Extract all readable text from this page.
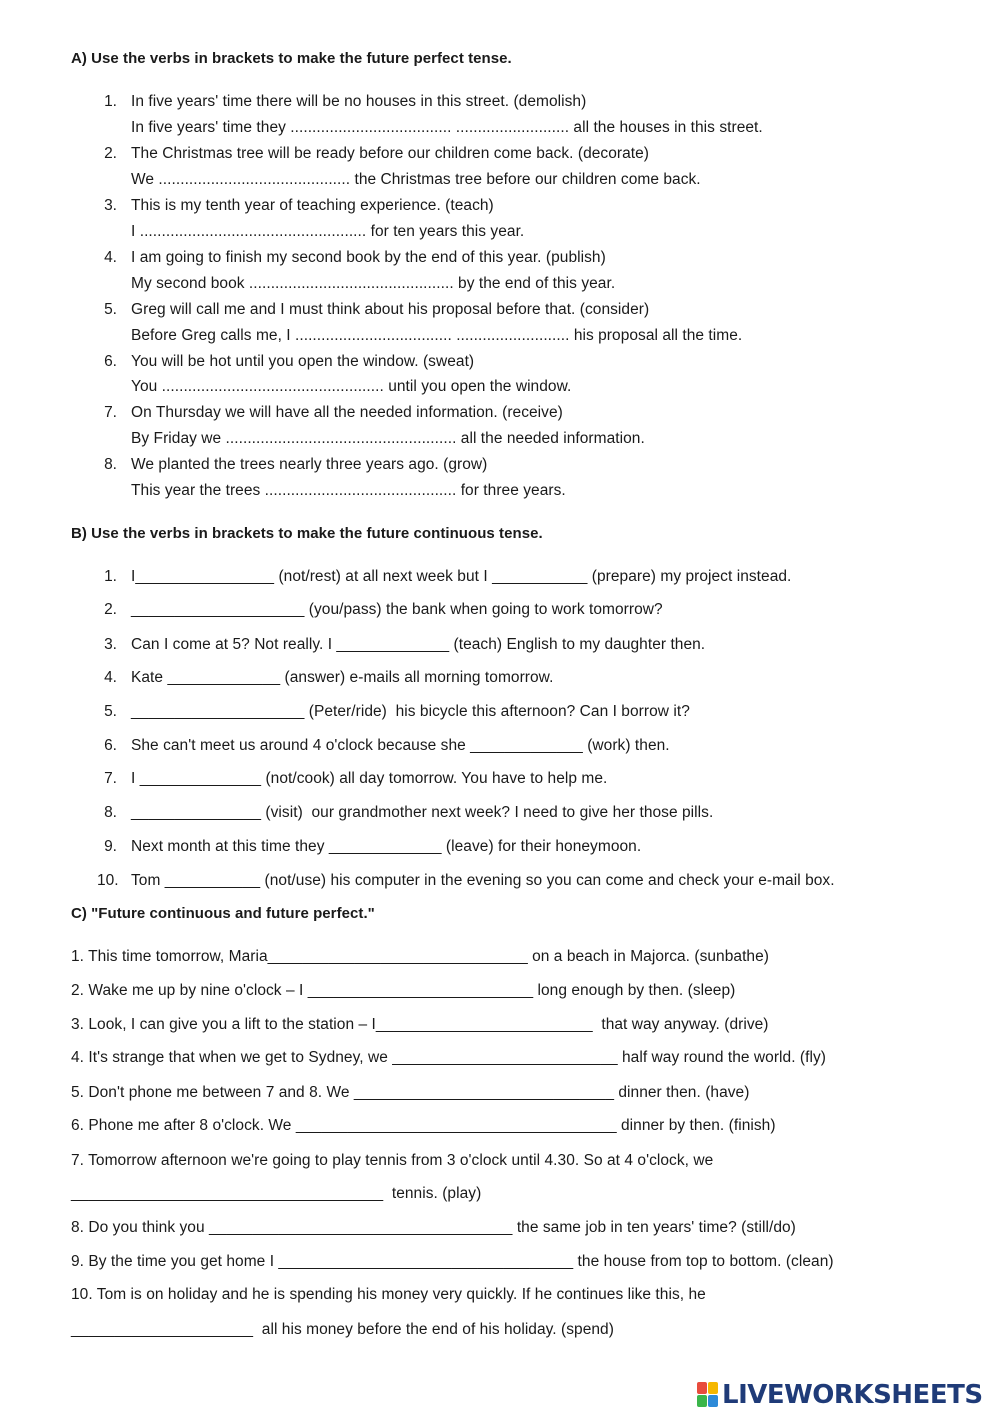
A) Use the verbs in brackets to make the future perfect tense.
1. In five years' time there will be no houses in this street. (demolish)
In five years' time they ..................................... .......................... all the houses in this street.
2. The Christmas tree will be ready before our children come back. (decorate)
We ............................................ the Christmas tree before our children come back.
3. This is my tenth year of teaching experience. (teach)
I .................................................... for ten years this year.
4. I am going to finish my second book by the end of this year. (publish)
My second book ............................................... by the end of this year.
5. Greg will call me and I must think about his proposal before that. (consider)
Before Greg calls me, I .................................... .......................... his proposal all the time.
6. You will be hot until you open the window. (sweat)
You ................................................... until you open the window.
7. On Thursday we will have all the needed information. (receive)
By Friday we ..................................................... all the needed information.
8. We planted the trees nearly three years ago. (grow)
This year the trees ............................................ for three years.
B) Use the verbs in brackets to make the future continuous tense.
1. I________________ (not/rest) at all next week but I ___________ (prepare) my project instead.
2. ____________________ (you/pass) the bank when going to work tomorrow?
3. Can I come at 5? Not really. I _____________ (teach) English to my daughter then.
4. Kate _____________ (answer) e-mails all morning tomorrow.
5. ____________________ (Peter/ride)  his bicycle this afternoon? Can I borrow it?
6. She can't meet us around 4 o'clock because she _____________ (work) then.
7. I ______________ (not/cook) all day tomorrow. You have to help me.
8. _______________ (visit)  our grandmother next week? I need to give her those pills.
9. Next month at this time they _____________ (leave) for their honeymoon.
10. Tom ___________ (not/use) his computer in the evening so you can come and check your e-mail box.
C) "Future continuous and future perfect."
1. This time tomorrow, Maria______________________________ on a beach in Majorca. (sunbathe)
2. Wake me up by nine o'clock – I __________________________ long enough by then. (sleep)
3. Look, I can give you a lift to the station – I_________________________  that way anyway. (drive)
4. It's strange that when we get to Sydney, we __________________________ half way round the world. (fly)
5. Don't phone me between 7 and 8. We ______________________________ dinner then. (have)
6. Phone me after 8 o'clock. We _____________________________________ dinner by then. (finish)
7. Tomorrow afternoon we're going to play tennis from 3 o'clock until 4.30. So at 4 o'clock, we
____________________________________  tennis. (play)
8. Do you think you ___________________________________ the same job in ten years' time? (still/do)
9. By the time you get home I __________________________________ the house from top to bottom. (clean)
10. Tom is on holiday and he is spending his money very quickly. If he continues like this, he
_____________________  all his money before the end of his holiday. (spend)
LIVEWORKSHEETS
